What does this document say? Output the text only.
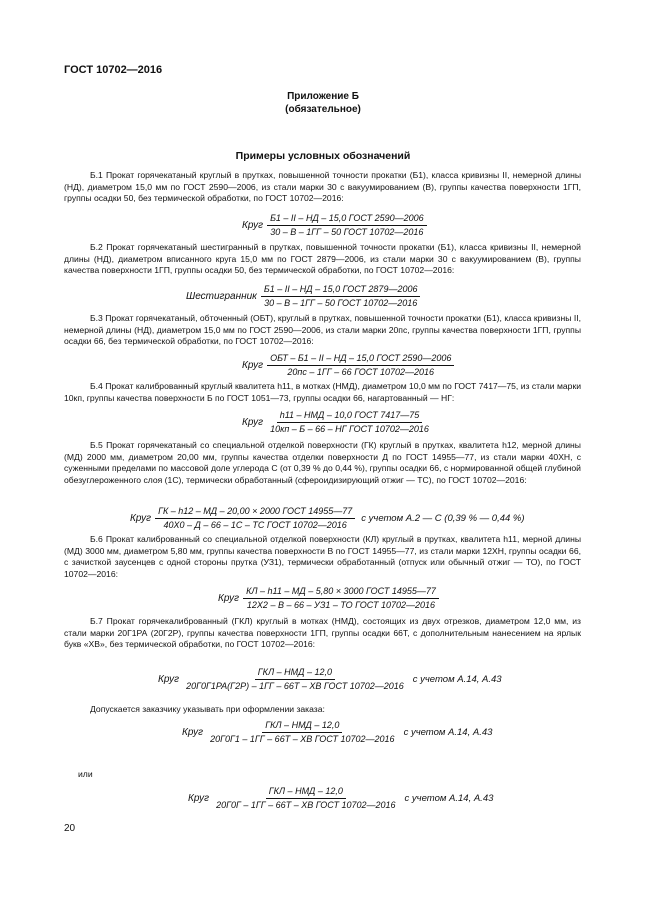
ГОСТ 10702—2016
Приложение Б
(обязательное)
Примеры условных обозначений

Б.1 Прокат горячекатаный круглый в прутках, повышенной точности прокатки (Б1), класса кривизны II, немерной длины (НД), диаметром 15,0 мм по ГОСТ 2590—2006, из стали марки 30 с вакуумированием (В), группы качества поверхности 1ГП, группы осадки 50, без термической обработки, по ГОСТ 10702—2016:

Круг $\frac{\text{Б1 – II – НД – 15,0 ГОСТ 2590—2006}}{\text{30 – В – 1ГГ – 50 ГОСТ 10702—2016}}$

Б.2 Прокат горячекатаный шестигранный в прутках, повышенной точности прокатки (Б1), класса кривизны II, немерной длины (НД), диаметром вписанного круга 15,0 мм по ГОСТ 2879—2006, из стали марки 30 с вакуумированием (В), группы качества поверхности 1ГП, группы осадки 50, без термической обработки, по ГОСТ 10702—2016:

Шестигранник $\frac{\text{Б1 – II – НД – 15,0 ГОСТ 2879—2006}}{\text{30 – В – 1ГГ – 50 ГОСТ 10702—2016}}$

Б.3 Прокат горячекатаный, обточенный (ОБТ), круглый в прутках, повышенной точности прокатки (Б1), класса кривизны II, немерной длины (НД), диаметром 15,0 мм по ГОСТ 2590—2006, из стали марки 20пс, группы качества поверхности 1ГП, группы осадки 66, без термической обработки, по ГОСТ 10702—2016:

Круг $\frac{\text{ОБТ – Б1 – II – НД – 15,0 ГОСТ 2590—2006}}{\text{20пс – 1ГГ – 66 ГОСТ 10702—2016}}$

Б.4 Прокат калиброванный круглый квалитета h11, в мотках (НМД), диаметром 10,0 мм по ГОСТ 7417—75, из стали марки 10кп, группы качества поверхности Б по ГОСТ 1051—73, группы осадки 66, нагартованный — НГ:

Круг $\frac{\text{h11 – НМД – 10,0 ГОСТ 7417—75}}{\text{10кп – Б – 66 – НГ ГОСТ 10702—2016}}$

Б.5 Прокат горячекатаный со специальной отделкой поверхности (ГК) круглый в прутках, квалитета h12, мерной длины (МД) 2000 мм, диаметром 20,00 мм, группы качества отделки поверхности Д по ГОСТ 14955—77, из стали марки 40ХН, с суженными пределами по массовой доле углерода С (от 0,39 % до 0,44 %), группы осадки 66, с нормированной общей глубиной обезуглероженного слоя (1С), термически обработанный (сфероидизирующий отжиг — ТС), по ГОСТ 10702—2016:

Круг $\frac{\text{ГК – h12 – МД – 20,00 × 2000 ГОСТ 14955—77}}{\text{40Х0 – Д – 66 – 1С – ТС ГОСТ 10702—2016}}$ с учетом А.2 — С (0,39 % — 0,44 %)

Б.6 Прокат калиброванный со специальной отделкой поверхности (КЛ) круглый в прутках, квалитета h11, мерной длины (МД) 3000 мм, диаметром 5,80 мм, группы качества поверхности В по ГОСТ 14955—77, из стали марки 12ХН, группы осадки 66, с зачисткой заусенцев с одной стороны прутка (УЗ1), термически обработанный (отпуск или обычный отжиг — ТО), по ГОСТ 10702—2016:

Круг $\frac{\text{КЛ – h11 – МД – 5,80 × 3000 ГОСТ 14955—77}}{\text{12Х2 – В – 66 – УЗ1 – ТО ГОСТ 10702—2016}}$

Б.7 Прокат горячекалиброванный (ГКЛ) круглый в мотках (НМД), состоящих из двух отрезков, диаметром 12,0 мм, из стали марки 20Г1РА (20Г2Р), группы качества поверхности 1ГП, группы осадки 66Т, с дополнительным нанесением на ярлык букв «ХВ», без термической обработки, по ГОСТ 10702—2016:

Круг $\frac{\text{ГКЛ – НМД – 12,0}}{\text{20Г0Г1РА(Г2Р) – 1ГГ – 66Т – ХВ ГОСТ 10702—2016}}$ с учетом А.14, А.43
Допускается заказчику указывать при оформлении заказа:
Круг $\frac{\text{ГКЛ – НМД – 12,0}}{\text{20Г0Г1 – 1ГГ – 66Т – ХВ ГОСТ 10702—2016}}$ с учетом А.14, А.43
или
Круг $\frac{\text{ГКЛ – НМД – 12,0}}{\text{20Г0Г – 1ГГ – 66Т – ХВ ГОСТ 10702—2016}}$ с учетом А.14, А.43
20
